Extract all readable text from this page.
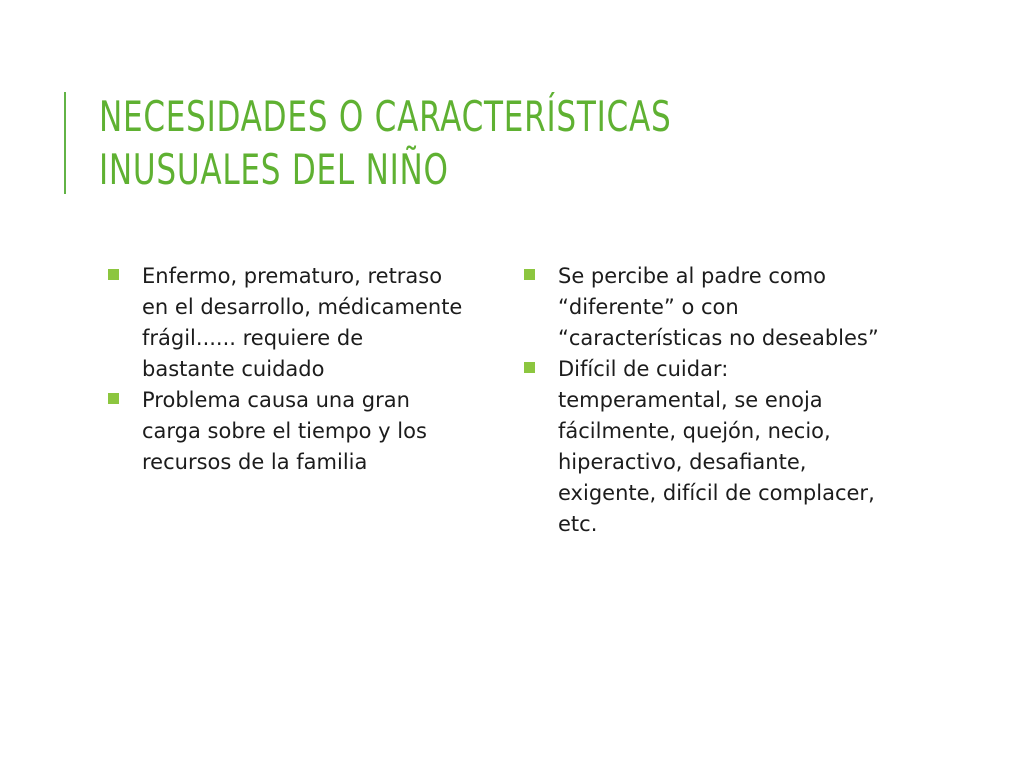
NECESIDADES O CARACTERÍSTICAS
INUSUALES DEL NIÑO
Enfermo, prematuro, retraso
en el desarrollo, médicamente
frágil...... requiere de
bastante cuidado
Problema causa una gran
carga sobre el tiempo y los
recursos de la familia
Se percibe al padre como
“diferente” o con
“características no deseables”
Difícil de cuidar:
temperamental, se enoja
fácilmente, quejón, necio,
hiperactivo, desafiante,
exigente, difícil de complacer,
etc.
